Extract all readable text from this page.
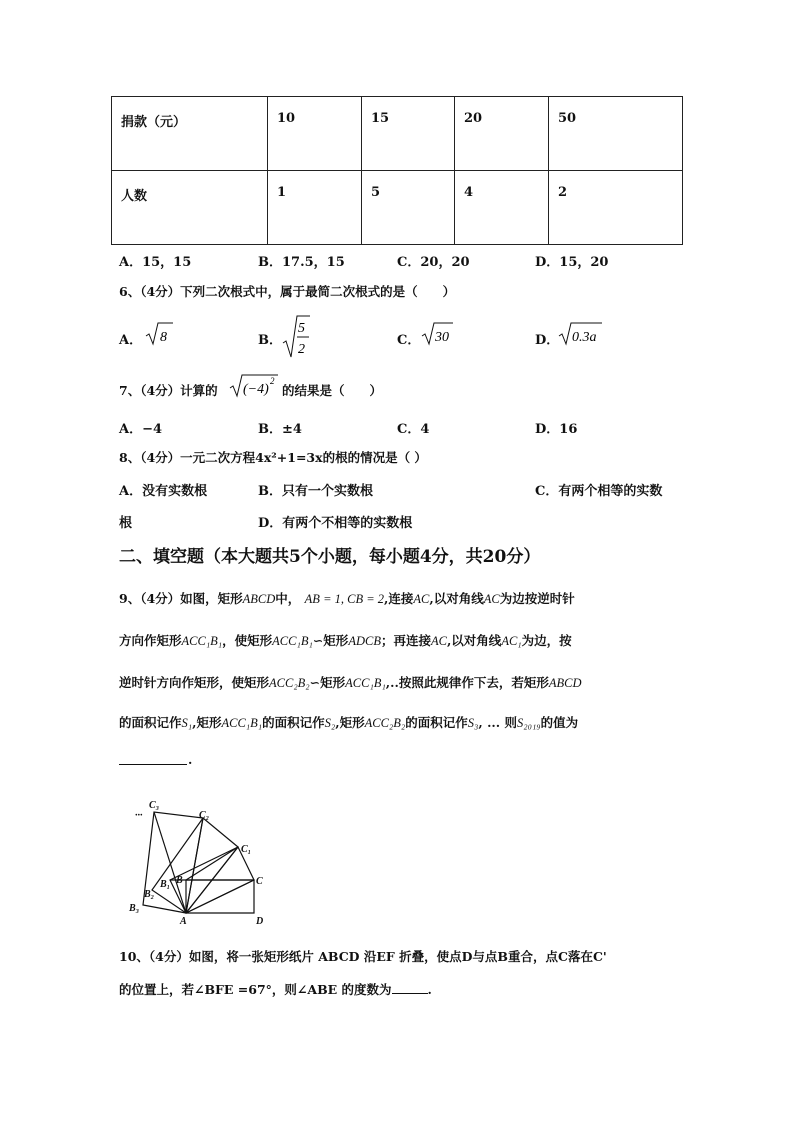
捐款（元）	10	15	20	50
人数	1	5	4	2
A．15，15	B．17.5，15	C．20，20	D．15，20
6、（4分）下列二次根式中，属于最简二次根式的是（　　）
A． 8	B．
5
2
C． 30	D． 0.3a
7、（4分）计算的 (−4)
2
的结果是（　　）
A．−4	B．±4	C．4	D．16
8、（4分）一元二次方程4x²+1=3x的根的情况是（ ）
A．没有实数根	B．只有一个实数根	C．有两个相等的实数
根	D．有两个不相等的实数根
二、填空题（本大题共5个小题，每小题4分，共20分）
9、（4分）如图，矩形ABCD中， AB = 1, CB = 2,连接AC,以对角线AC为边按逆时针
方向作矩形ACC₁B₁，使矩形ACC₁B₁∽矩形ADCB；再连接AC,以对角线AC₁为边，按
逆时针方向作矩形，使矩形ACC₂B₂∽矩形ACC₁B₁,..按照此规律作下去，若矩形ABCD
的面积记作S₁,矩形ACC₁B₁的面积记作S₂,矩形ACC₂B₂的面积记作S₃, ... 则S₂₀₁₉的值为
.
···
C₃
C₂
C₁
C
B
B₁
B₂
B₃
A	D
10、（4分）如图，将一张矩形纸片 ABCD 沿EF 折叠，使点D与点B重合，点C落在C'
的位置上，若∠BFE =67°，则∠ABE 的度数为	.
